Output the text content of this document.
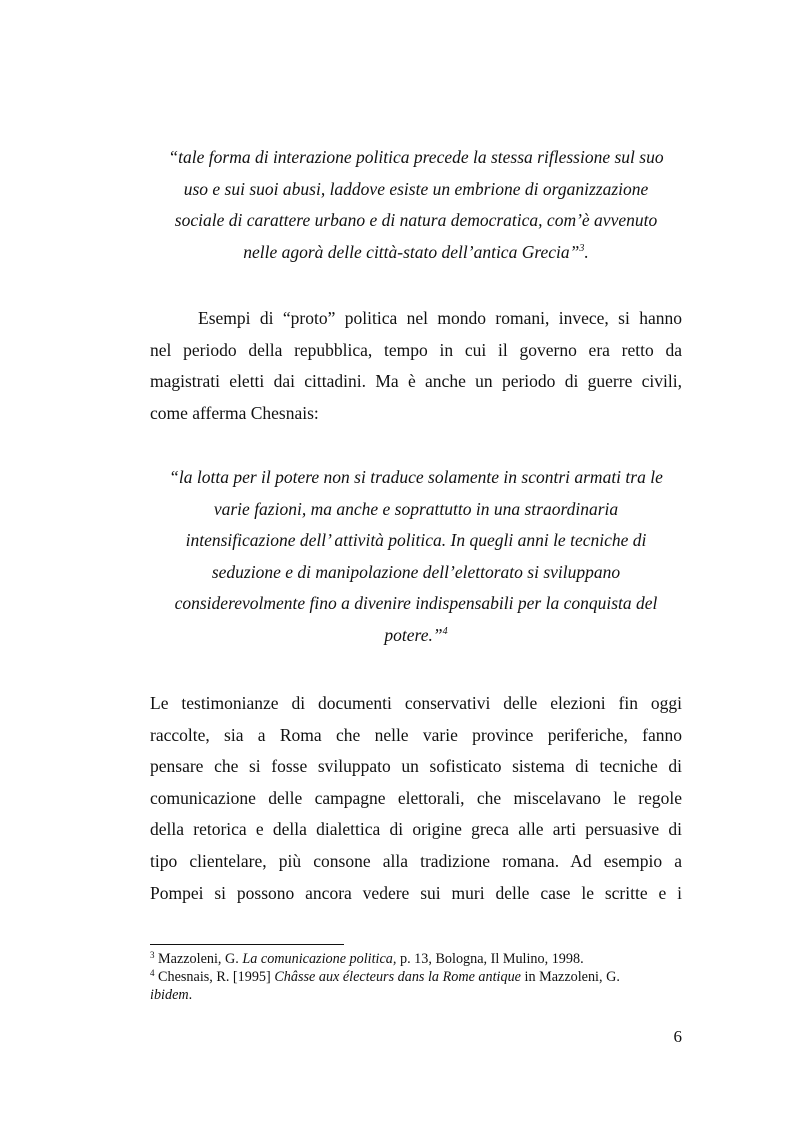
“tale forma di interazione politica precede la stessa riflessione sul suo
uso e sui suoi abusi, laddove esiste un embrione di organizzazione
sociale di carattere urbano e di natura democratica, com’è avvenuto
nelle agorà delle città-stato dell’antica Grecia”$^3$.
Esempi di “proto” politica nel mondo romani, invece, si hanno
nel periodo della repubblica, tempo in cui il governo era retto da
magistrati eletti dai cittadini. Ma è anche un periodo di guerre civili,
come afferma Chesnais:
“la lotta per il potere non si traduce solamente in scontri armati tra le
varie fazioni, ma anche e soprattutto in una straordinaria
intensificazione dell’ attività politica. In quegli anni le tecniche di
seduzione e di manipolazione dell’elettorato si sviluppano
considerevolmente fino a divenire indispensabili per la conquista del
potere.”$^4$
Le testimonianze di documenti conservativi delle elezioni fin oggi
raccolte, sia a Roma che nelle varie province periferiche, fanno
pensare che si fosse sviluppato un sofisticato sistema di tecniche di
comunicazione delle campagne elettorali, che miscelavano le regole
della retorica e della dialettica di origine greca alle arti persuasive di
tipo clientelare, più consone alla tradizione romana. Ad esempio a
Pompei si possono ancora vedere sui muri delle case le scritte e i
$^3$ Mazzoleni, G. La comunicazione politica, p. 13, Bologna, Il Mulino, 1998.
$^4$ Chesnais, R. [1995] Châsse aux électeurs dans la Rome antique in Mazzoleni, G.
ibidem.
6
